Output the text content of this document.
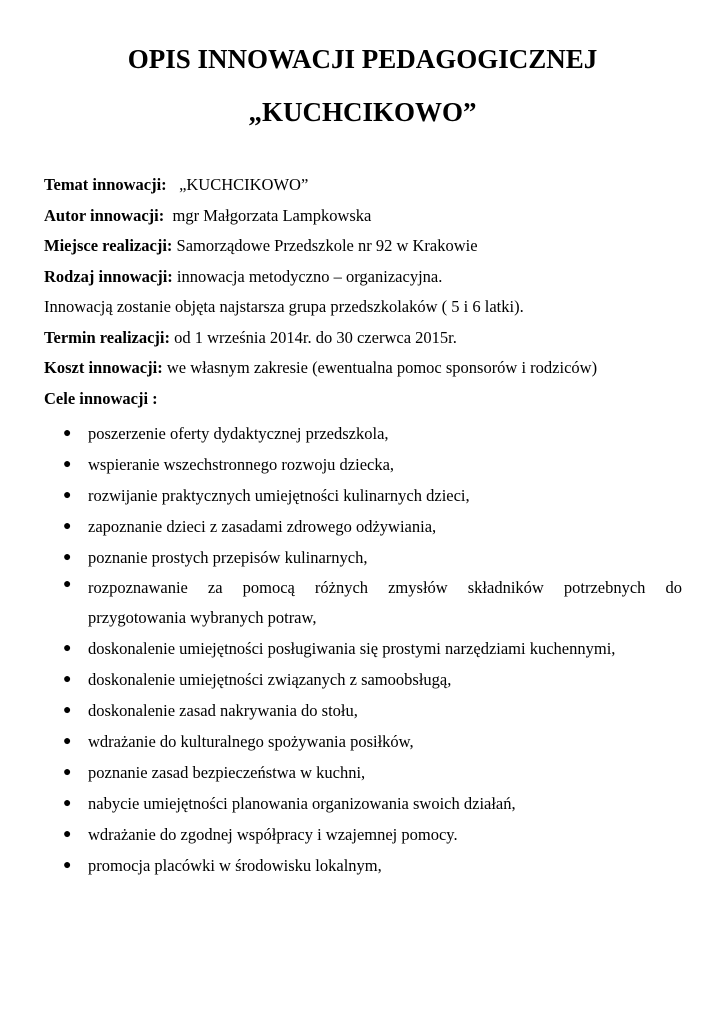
OPIS INNOWACJI PEDAGOGICZNEJ
„KUCHCIKOWO”
Temat innowacji: „KUCHCIKOWO”
Autor innowacji: mgr Małgorzata Lampkowska
Miejsce realizacji: Samorządowe Przedszkole nr 92 w Krakowie
Rodzaj innowacji: innowacja metodyczno – organizacyjna.
Innowacją zostanie objęta najstarsza grupa przedszkolaków ( 5 i 6 latki).
Termin realizacji: od 1 września 2014r. do 30 czerwca 2015r.
Koszt innowacji: we własnym zakresie (ewentualna pomoc sponsorów i rodziców)
Cele innowacji :
● poszerzenie oferty dydaktycznej przedszkola,
● wspieranie wszechstronnego rozwoju dziecka,
● rozwijanie praktycznych umiejętności kulinarnych dzieci,
● zapoznanie dzieci z zasadami zdrowego odżywiania,
● poznanie prostych przepisów kulinarnych,
● rozpoznawanie za pomocą różnych zmysłów składników potrzebnych do
przygotowania wybranych potraw,
● doskonalenie umiejętności posługiwania się prostymi narzędziami kuchennymi,
● doskonalenie umiejętności związanych z samoobsługą,
● doskonalenie zasad nakrywania do stołu,
● wdrażanie do kulturalnego spożywania posiłków,
● poznanie zasad bezpieczeństwa w kuchni,
● nabycie umiejętności planowania organizowania swoich działań,
● wdrażanie do zgodnej współpracy i wzajemnej pomocy.
● promocja placówki w środowisku lokalnym,
